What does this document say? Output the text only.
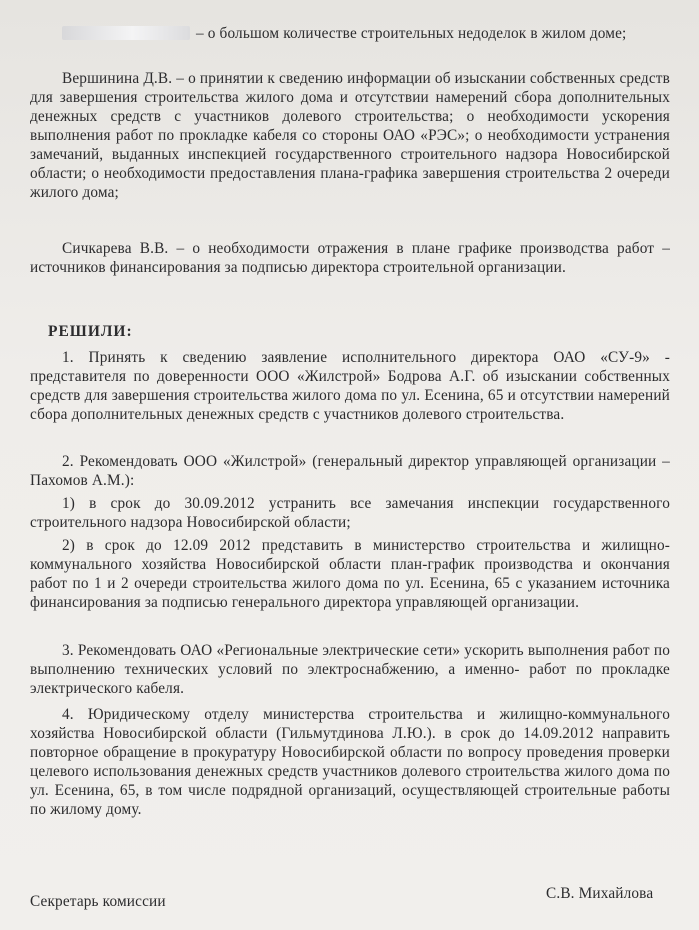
– о большом количестве строительных недоделок в жилом доме;

Вершинина Д.В. – о принятии к сведению информации об изыскании собственных средств для завершения строительства жилого дома и отсутствии намерений сбора дополнительных денежных средств с участников долевого строительства; о необходимости ускорения выполнения работ по прокладке кабеля со стороны ОАО «РЭС»; о необходимости устранения замечаний, выданных инспекцией государственного строительного надзора Новосибирской области; о необходимости предоставления плана-графика завершения строительства 2 очереди жилого дома;

Сичкарева В.В. – о необходимости отражения в плане графике производства работ – источников финансирования за подписью директора строительной организации.

РЕШИЛИ:

1. Принять к сведению заявление исполнительного директора ОАО «СУ-9» - представителя по доверенности ООО «Жилстрой» Бодрова А.Г. об изыскании собственных средств для завершения строительства жилого дома по ул. Есенина, 65 и отсутствии намерений сбора дополнительных денежных средств с участников долевого строительства.

2. Рекомендовать ООО «Жилстрой» (генеральный директор управляющей организации – Пахомов А.М.):

1) в срок до 30.09.2012 устранить все замечания инспекции государственного строительного надзора Новосибирской области;

2) в срок до 12.09 2012 представить в министерство строительства и жилищно-коммунального хозяйства Новосибирской области план-график производства и окончания работ по 1 и 2 очереди строительства жилого дома по ул. Есенина, 65 с указанием источника финансирования за подписью генерального директора управляющей организации.

3. Рекомендовать ОАО «Региональные электрические сети» ускорить выполнения работ по выполнению технических условий по электроснабжению, а именно- работ по прокладке электрического кабеля.

4. Юридическому отделу министерства строительства и жилищно-коммунального хозяйства Новосибирской области (Гильмутдинова Л.Ю.). в срок до 14.09.2012 направить повторное обращение в прокуратуру Новосибирской области по вопросу проведения проверки целевого использования денежных средств участников долевого строительства жилого дома по ул. Есенина, 65, в том числе подрядной организаций, осуществляющей строительные работы по жилому дому.

Секретарь комиссии	С.В. Михайлова
